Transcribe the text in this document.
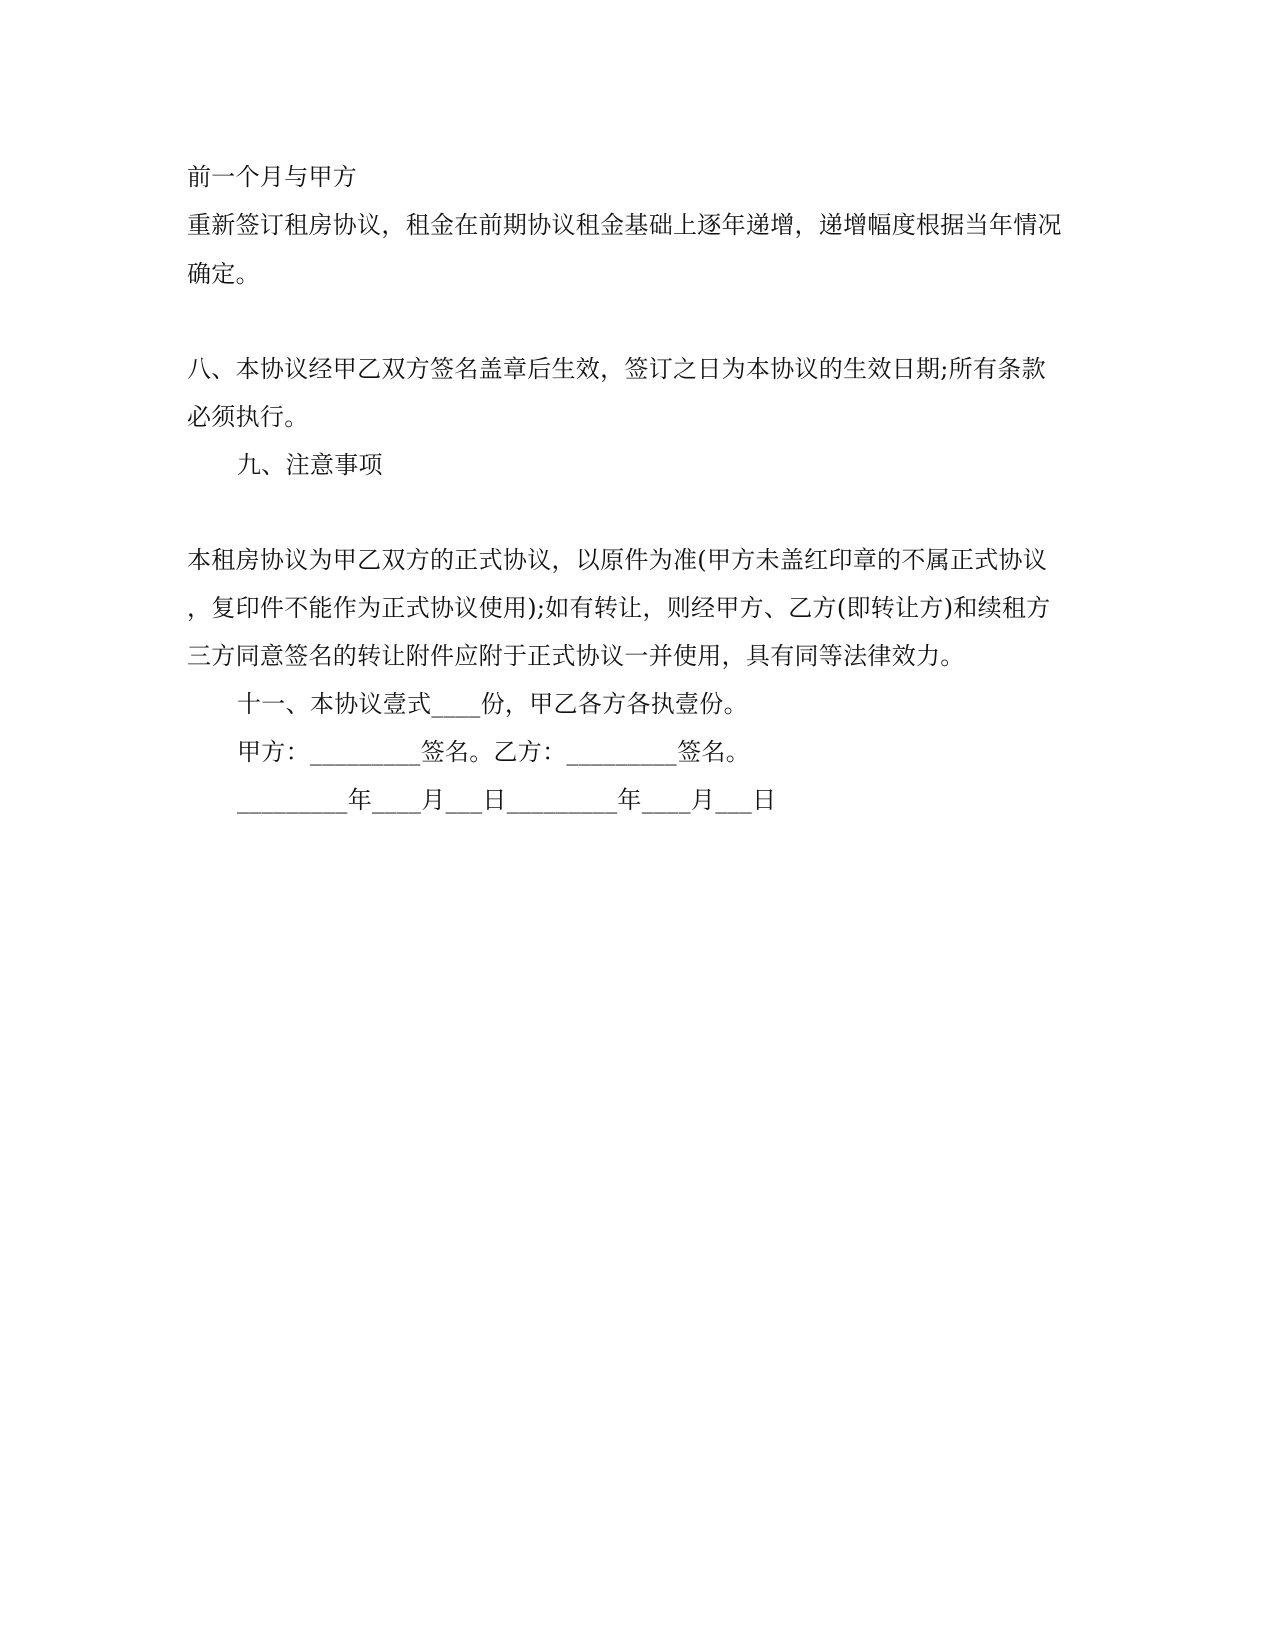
前一个月与甲方
重新签订租房协议，租金在前期协议租金基础上逐年递增，递增幅度根据当年情况
确定。
八、本协议经甲乙双方签名盖章后生效，签订之日为本协议的生效日期;所有条款
必须执行。
九、注意事项
本租房协议为甲乙双方的正式协议，以原件为准(甲方未盖红印章的不属正式协议
，复印件不能作为正式协议使用);如有转让，则经甲方、乙方(即转让方)和续租方
三方同意签名的转让附件应附于正式协议一并使用，具有同等法律效力。
十一、本协议壹式____份，甲乙各方各执壹份。
甲方：_________签名。乙方：_________签名。
_________年____月___日_________年____月___日
